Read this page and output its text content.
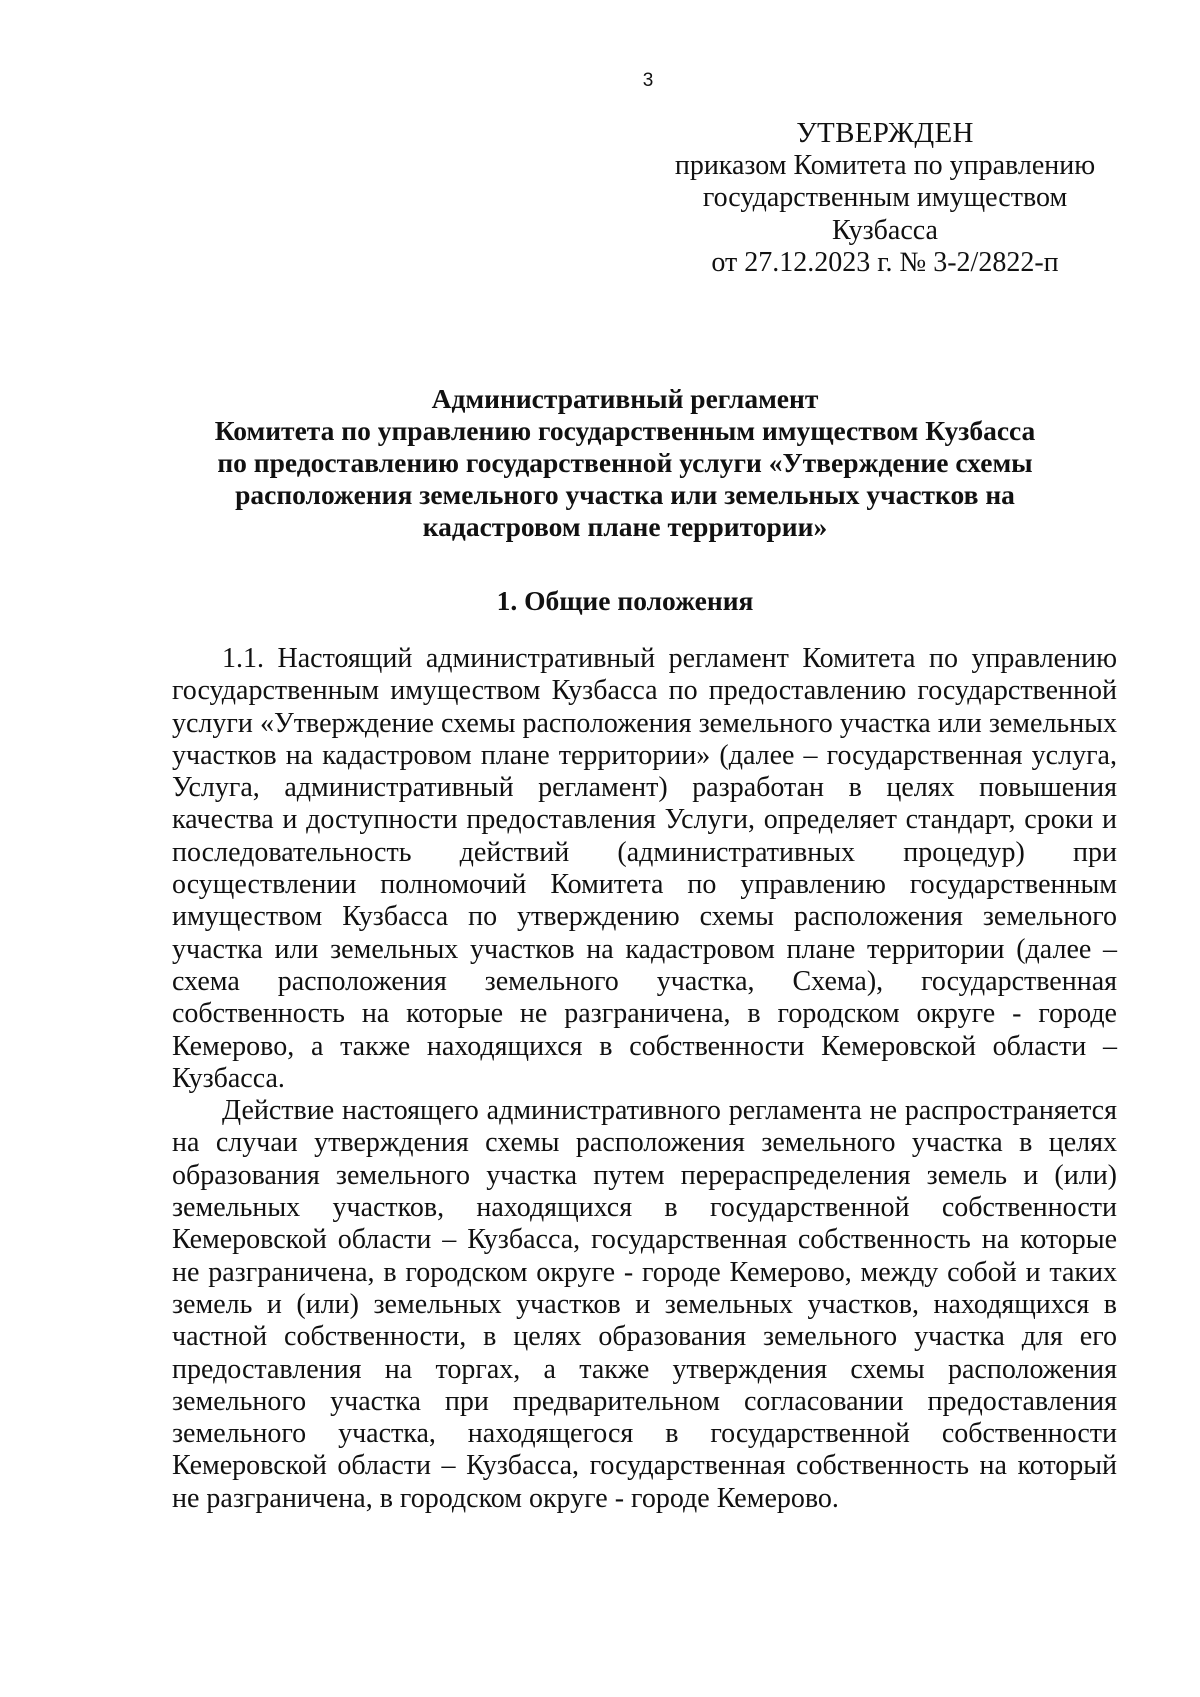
3
УТВЕРЖДЕН
приказом Комитета по управлению
государственным имуществом
Кузбасса
от 27.12.2023 г. № 3-2/2822-п
Административный регламент
Комитета по управлению государственным имуществом Кузбасса
по предоставлению государственной услуги «Утверждение схемы
расположения земельного участка или земельных участков на
кадастровом плане территории»
1. Общие положения

1.1. Настоящий административный регламент Комитета по управлению государственным имуществом Кузбасса по предоставлению государственной услуги «Утверждение схемы расположения земельного участка или земельных участков на кадастровом плане территории» (далее – государственная услуга, Услуга, административный регламент) разработан в целях повышения качества и доступности предоставления Услуги, определяет стандарт, сроки и последовательность действий (административных процедур) при осуществлении полномочий Комитета по управлению государственным имуществом Кузбасса по утверждению схемы расположения земельного участка или земельных участков на кадастровом плане территории (далее – схема расположения земельного участка, Схема), государственная собственность на которые не разграничена, в городском округе - городе Кемерово, а также находящихся в собственности Кемеровской области – Кузбасса.

Действие настоящего административного регламента не распространяется на случаи утверждения схемы расположения земельного участка в целях образования земельного участка путем перераспределения земель и (или) земельных участков, находящихся в государственной собственности Кемеровской области – Кузбасса, государственная собственность на которые не разграничена, в городском округе - городе Кемерово, между собой и таких земель и (или) земельных участков и земельных участков, находящихся в частной собственности, в целях образования земельного участка для его предоставления на торгах, а также утверждения схемы расположения земельного участка при предварительном согласовании предоставления земельного участка, находящегося в государственной собственности Кемеровской области – Кузбасса, государственная собственность на который не разграничена, в городском округе - городе Кемерово.
